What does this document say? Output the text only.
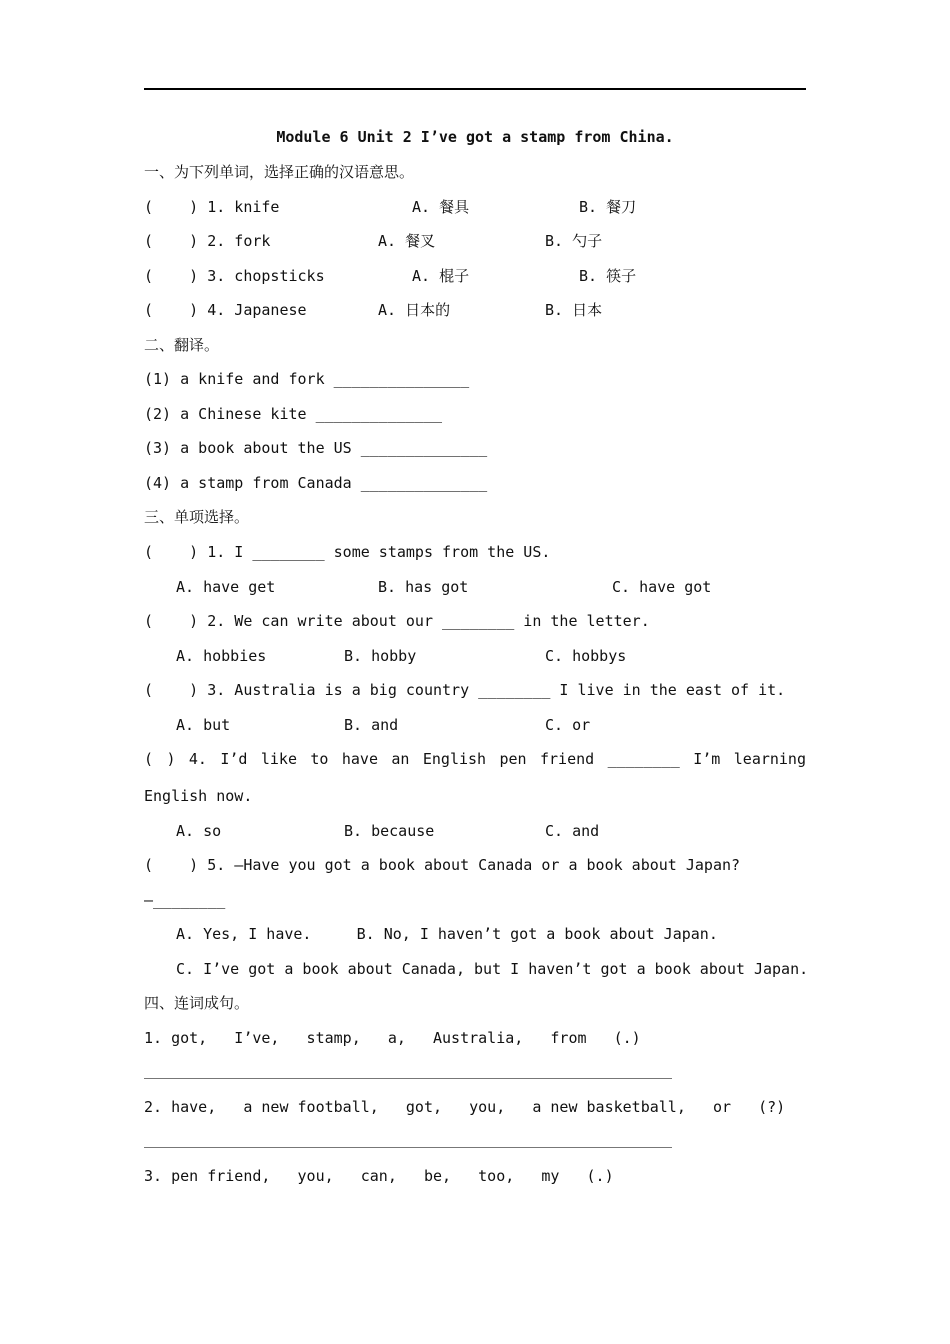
Module 6 Unit 2 I’ve got a stamp from China.
一、为下列单词，选择正确的汉语意思。
(    ) 1. knife	A. 餐具	B. 餐刀
(    ) 2. fork	A. 餐叉	B. 勺子
(    ) 3. chopsticks	A. 棍子	B. 筷子
(    ) 4. Japanese	A. 日本的	B. 日本
二、翻译。
(1) a knife and fork _______________
(2) a Chinese kite ______________
(3) a book about the US ______________
(4) a stamp from Canada ______________
三、单项选择。
(    ) 1. I ________ some stamps from the US.
A. have get	B. has got	C. have got
(    ) 2. We can write about our ________ in the letter.
A. hobbies	B. hobby	C. hobbys
(    ) 3. Australia is a big country ________ I live in the east of it.
A. but	B. and	C. or
( ) 4. I’d like to have an English pen friend ________ I’m learning
English now.
A. so	B. because	C. and
(    ) 5. —Have you got a book about Canada or a book about Japan?
—________
A. Yes, I have.     B. No, I haven’t got a book about Japan.
C. I’ve got a book about Canada, but I haven’t got a book about Japan.
四、连词成句。
1. got,   I’ve,   stamp,   a,   Australia,   from   (.)
2. have,   a new football,   got,   you,   a new basketball,   or   (?)
3. pen friend,   you,   can,   be,   too,   my   (.)
